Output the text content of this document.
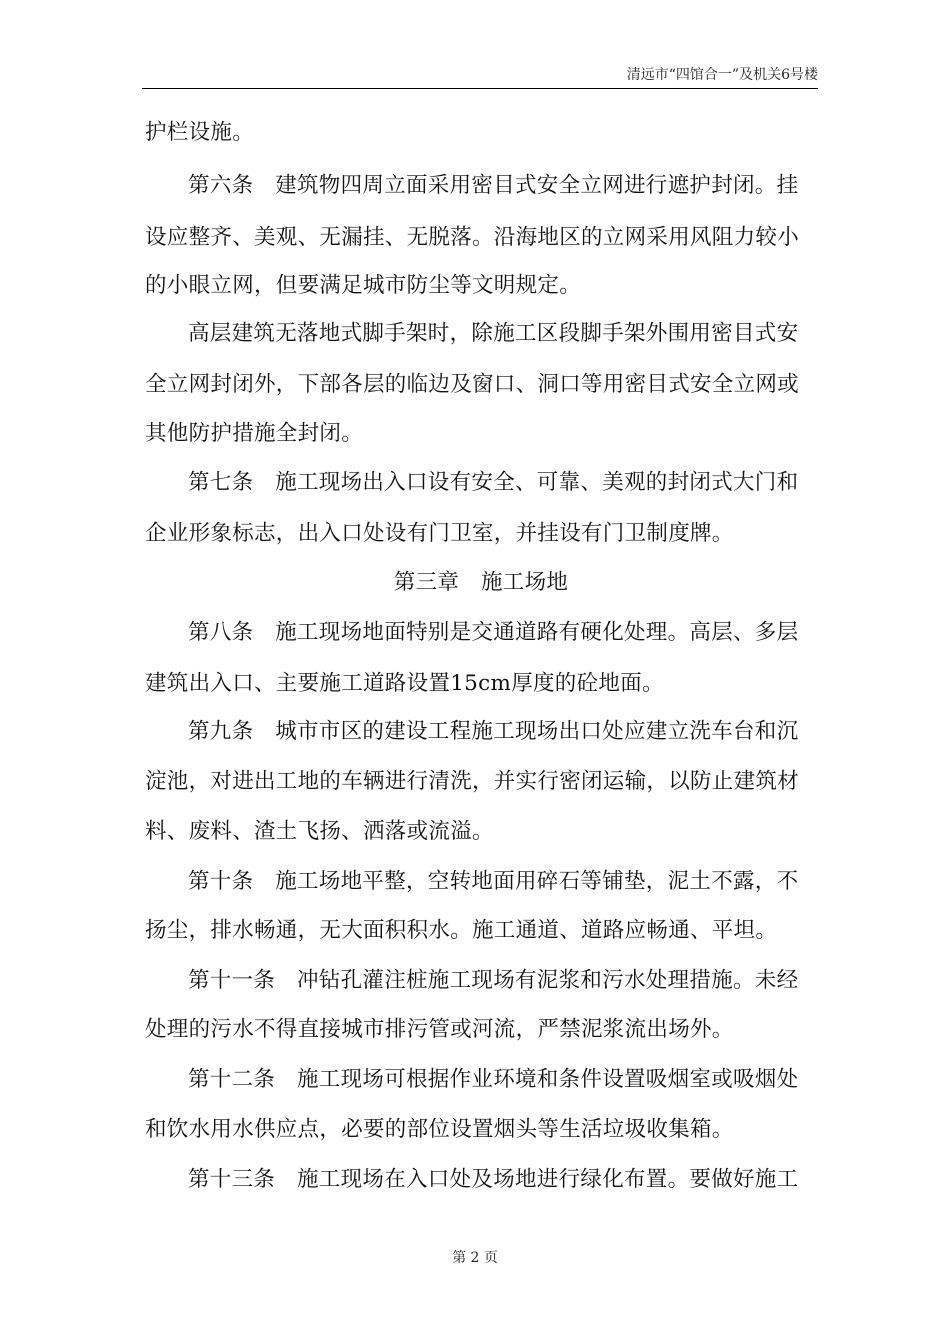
清远市“四馆合一”及机关6号楼
护栏设施。
第六条　建筑物四周立面采用密目式安全立网进行遮护封闭。挂
设应整齐、美观、无漏挂、无脱落。沿海地区的立网采用风阻力较小
的小眼立网，但要满足城市防尘等文明规定。
高层建筑无落地式脚手架时，除施工区段脚手架外围用密目式安
全立网封闭外，下部各层的临边及窗口、洞口等用密目式安全立网或
其他防护措施全封闭。
第七条　施工现场出入口设有安全、可靠、美观的封闭式大门和
企业形象标志，出入口处设有门卫室，并挂设有门卫制度牌。
第三章　施工场地
第八条　施工现场地面特别是交通道路有硬化处理。高层、多层
建筑出入口、主要施工道路设置15cm厚度的砼地面。
第九条　城市市区的建设工程施工现场出口处应建立洗车台和沉
淀池，对进出工地的车辆进行清洗，并实行密闭运输，以防止建筑材
料、废料、渣土飞扬、洒落或流溢。
第十条　施工场地平整，空转地面用碎石等铺垫，泥土不露，不
扬尘，排水畅通，无大面积积水。施工通道、道路应畅通、平坦。
第十一条　冲钻孔灌注桩施工现场有泥浆和污水处理措施。未经
处理的污水不得直接城市排污管或河流，严禁泥浆流出场外。
第十二条　施工现场可根据作业环境和条件设置吸烟室或吸烟处
和饮水用水供应点，必要的部位设置烟头等生活垃圾收集箱。
第十三条　施工现场在入口处及场地进行绿化布置。要做好施工
第 2 页
